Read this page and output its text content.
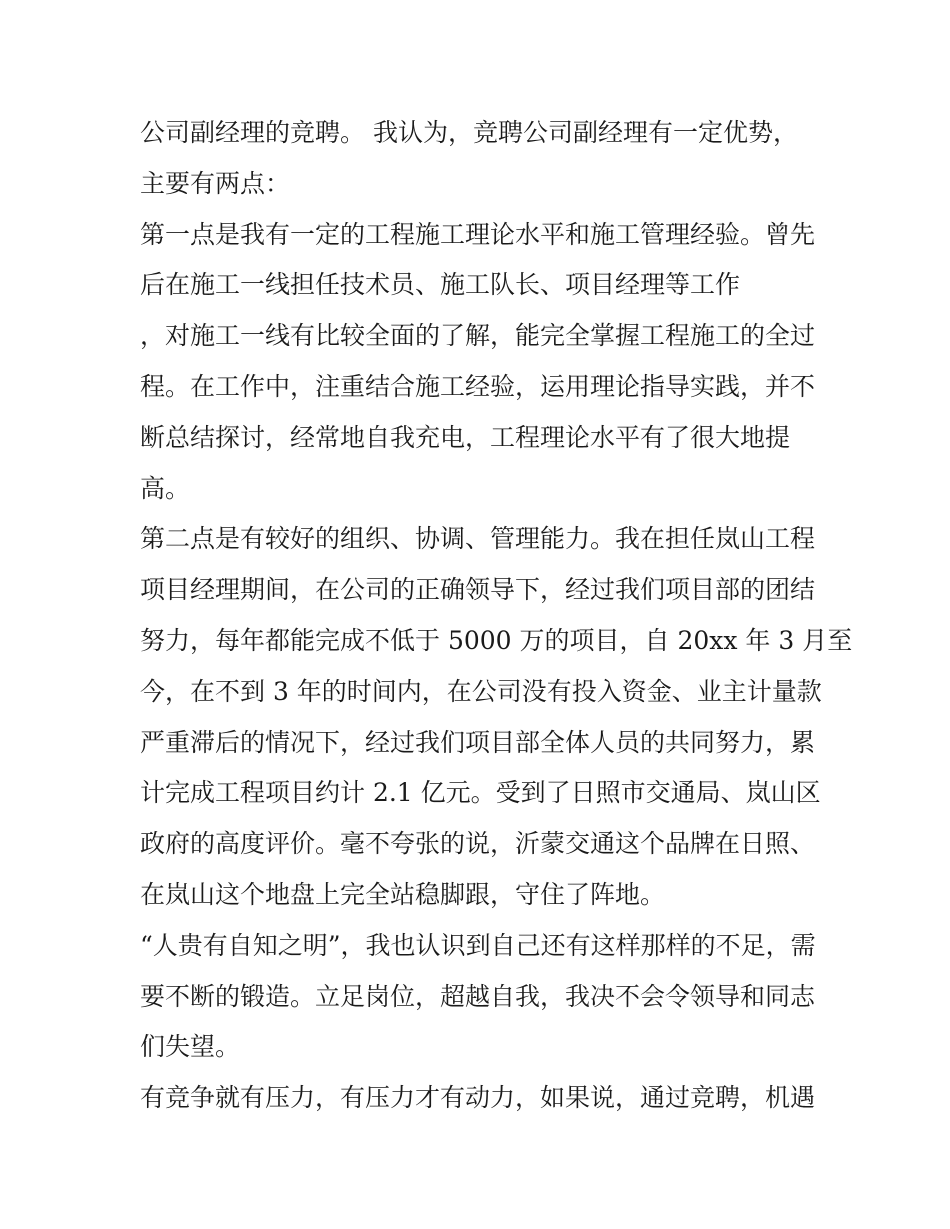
公司副经理的竞聘。 我认为，竞聘公司副经理有一定优势，
主要有两点：
第一点是我有一定的工程施工理论水平和施工管理经验。曾先
后在施工一线担任技术员、施工队长、项目经理等工作
，对施工一线有比较全面的了解，能完全掌握工程施工的全过
程。在工作中，注重结合施工经验，运用理论指导实践，并不
断总结探讨，经常地自我充电，工程理论水平有了很大地提
高。
第二点是有较好的组织、协调、管理能力。我在担任岚山工程
项目经理期间，在公司的正确领导下，经过我们项目部的团结
努力，每年都能完成不低于 5000 万的项目，自 20xx 年 3 月至
今，在不到 3 年的时间内，在公司没有投入资金、业主计量款
严重滞后的情况下，经过我们项目部全体人员的共同努力，累
计完成工程项目约计 2.1 亿元。受到了日照市交通局、岚山区
政府的高度评价。毫不夸张的说，沂蒙交通这个品牌在日照、
在岚山这个地盘上完全站稳脚跟，守住了阵地。
“人贵有自知之明”，我也认识到自己还有这样那样的不足，需
要不断的锻造。立足岗位，超越自我，我决不会令领导和同志
们失望。
有竞争就有压力，有压力才有动力，如果说，通过竞聘，机遇
